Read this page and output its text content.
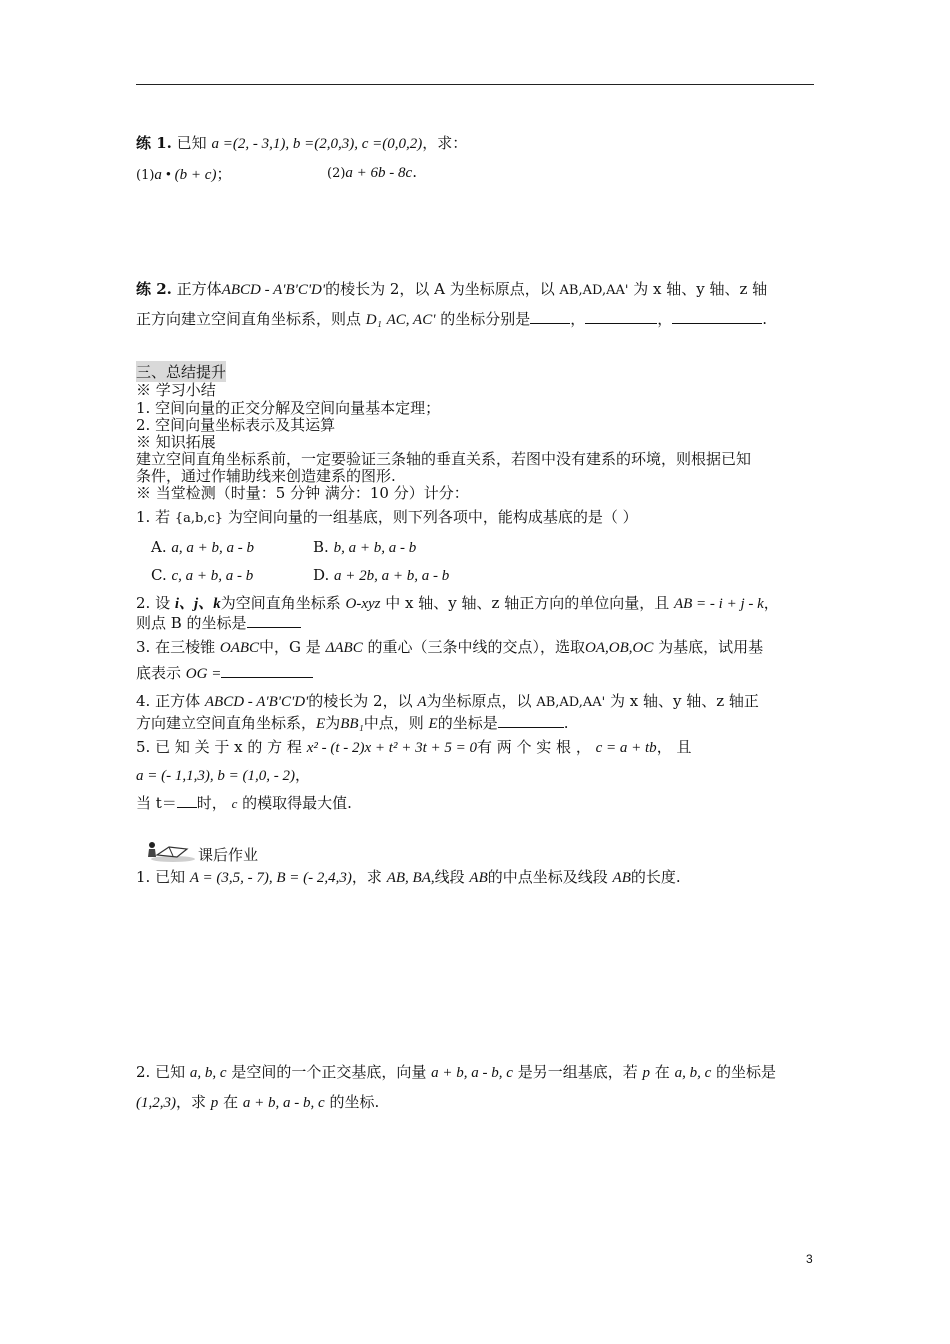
练 1. 已知 a =(2, - 3,1), b =(2,0,3), c =(0,0,2)，求：
(1)a • (b + c)；	(2)a + 6b - 8c.
练 2. 正方体ABCD - A'B'C'D'的棱长为 2，以 A 为坐标原点，以 AB,AD,AA' 为 x 轴、y 轴、z 轴
正方向建立空间直角坐标系，则点 D₁ AC, AC' 的坐标分别是	，	，	.
三、总结提升
※ 学习小结
1. 空间向量的正交分解及空间向量基本定理；
2. 空间向量坐标表示及其运算
※ 知识拓展
建立空间直角坐标系前，一定要验证三条轴的垂直关系，若图中没有建系的环境，则根据已知
条件，通过作辅助线来创造建系的图形.
※ 当堂检测（时量：5 分钟 满分：10 分）计分：
1. 若 {a,b,c} 为空间向量的一组基底，则下列各项中，能构成基底的是（ ）
A. a, a + b, a - b	B. b, a + b, a - b
C. c, a + b, a - b	D. a + 2b, a + b, a - b
2. 设 i、j、k为空间直角坐标系 O-xyz 中 x 轴、y 轴、z 轴正方向的单位向量，且 AB = - i + j - k，
则点 B 的坐标是
3. 在三棱锥 OABC中，G 是 ΔABC 的重心（三条中线的交点），选取OA,OB,OC 为基底，试用基
底表示 OG =
4. 正方体 ABCD - A'B'C'D'的棱长为 2，以 A为坐标原点，以 AB,AD,AA' 为 x 轴、y 轴、z 轴正
方向建立空间直角坐标系，E为BB₁中点，则 E的坐标是	.
5. 已 知 关 于 x 的 方 程 x² - (t - 2)x + t² + 3t + 5 = 0有 两 个 实 根 ， c = a + tb， 且
a = (- 1,1,3), b = (1,0, - 2)，
当 t＝ 时， c 的模取得最大值.
课后作业
1. 已知 A = (3,5, - 7), B = (- 2,4,3)，求 AB, BA,线段 AB的中点坐标及线段 AB的长度.
2. 已知 a, b, c 是空间的一个正交基底，向量 a + b, a - b, c 是另一组基底，若 p 在 a, b, c 的坐标是
(1,2,3)，求 p 在 a + b, a - b, c 的坐标.
3
